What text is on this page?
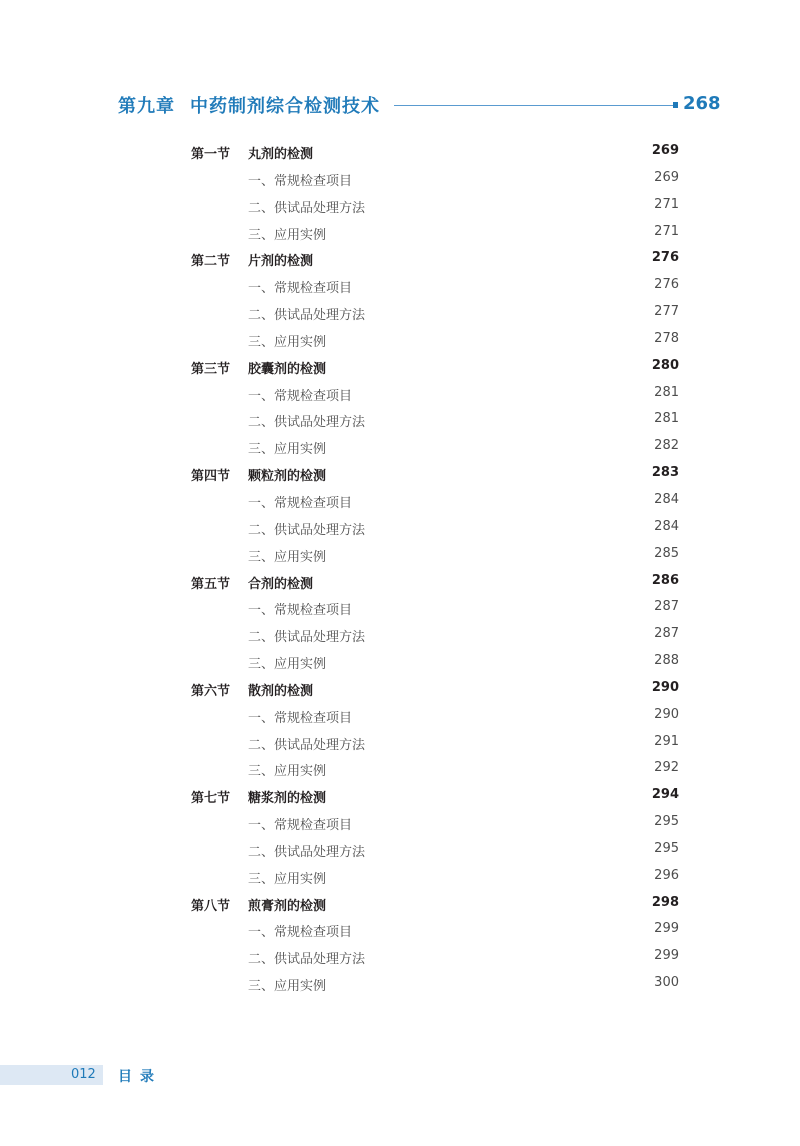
第九章 中药制剂综合检测技术	268
第一节 丸剂的检测	269
一、常规检查项目	269
二、供试品处理方法	271
三、应用实例	271
第二节 片剂的检测	276
一、常规检查项目	276
二、供试品处理方法	277
三、应用实例	278
第三节 胶囊剂的检测	280
一、常规检查项目	281
二、供试品处理方法	281
三、应用实例	282
第四节 颗粒剂的检测	283
一、常规检查项目	284
二、供试品处理方法	284
三、应用实例	285
第五节 合剂的检测	286
一、常规检查项目	287
二、供试品处理方法	287
三、应用实例	288
第六节 散剂的检测	290
一、常规检查项目	290
二、供试品处理方法	291
三、应用实例	292
第七节 糖浆剂的检测	294
一、常规检查项目	295
二、供试品处理方法	295
三、应用实例	296
第八节 煎膏剂的检测	298
一、常规检查项目	299
二、供试品处理方法	299
三、应用实例	300
012 目录
